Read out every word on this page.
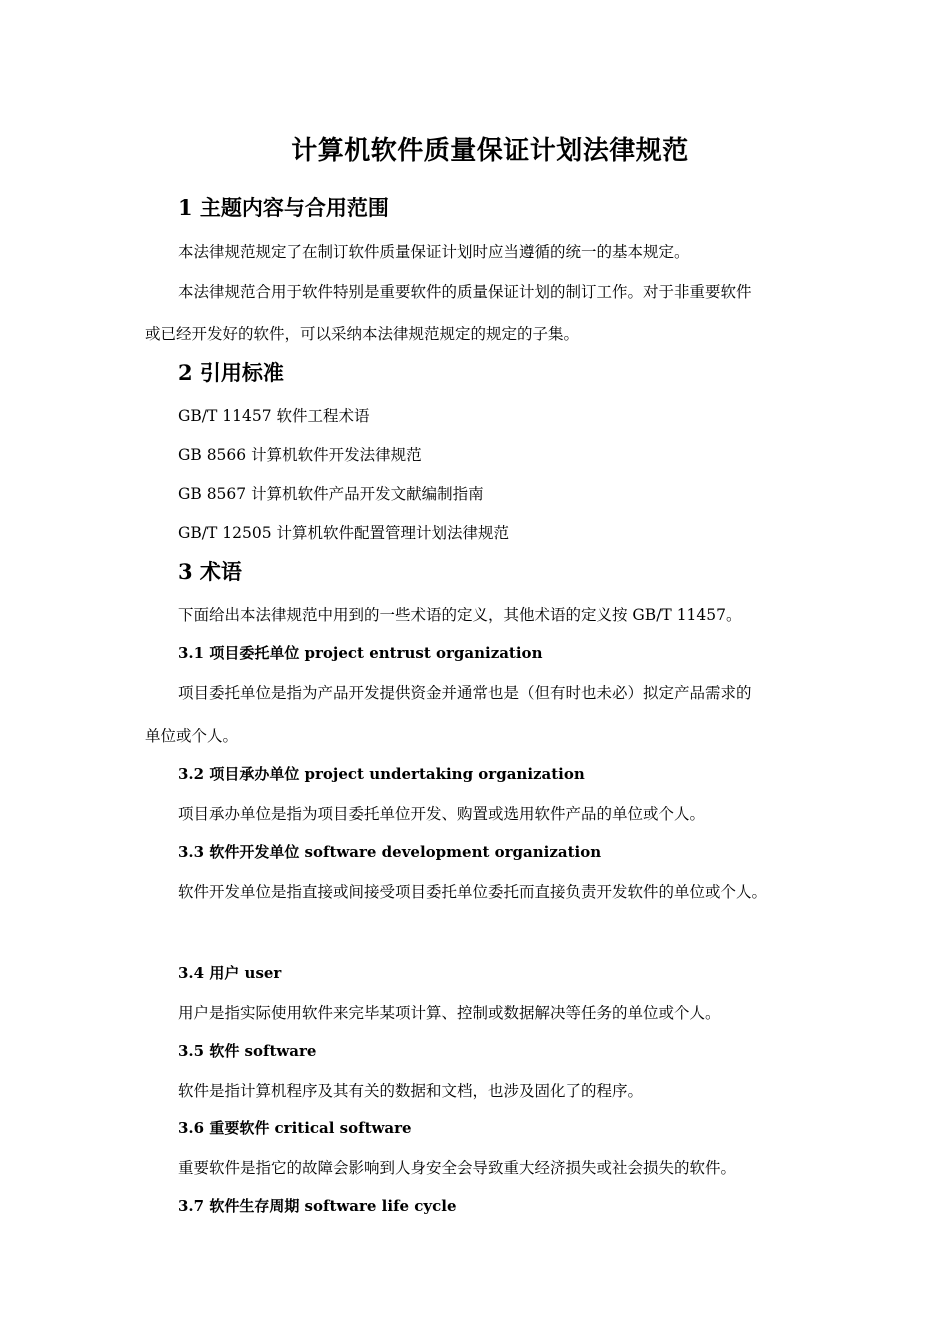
计算机软件质量保证计划法律规范
1 主题内容与合用范围
本法律规范规定了在制订软件质量保证计划时应当遵循的统一的基本规定。
本法律规范合用于软件特别是重要软件的质量保证计划的制订工作。对于非重要软件
或已经开发好的软件，可以采纳本法律规范规定的规定的子集。
2 引用标准
GB/T 11457 软件工程术语
GB 8566 计算机软件开发法律规范
GB 8567 计算机软件产品开发文献编制指南
GB/T 12505 计算机软件配置管理计划法律规范
3 术语
下面给出本法律规范中用到的一些术语的定义，其他术语的定义按 GB/T 11457。
3.1 项目委托单位 project entrust organization
项目委托单位是指为产品开发提供资金并通常也是（但有时也未必）拟定产品需求的
单位或个人。
3.2 项目承办单位 project undertaking organization
项目承办单位是指为项目委托单位开发、购置或选用软件产品的单位或个人。
3.3 软件开发单位 software development organization
软件开发单位是指直接或间接受项目委托单位委托而直接负责开发软件的单位或个人。
3.4 用户 user
用户是指实际使用软件来完毕某项计算、控制或数据解决等任务的单位或个人。
3.5 软件 software
软件是指计算机程序及其有关的数据和文档，也涉及固化了的程序。
3.6 重要软件 critical software
重要软件是指它的故障会影响到人身安全会导致重大经济损失或社会损失的软件。
3.7 软件生存周期 software life cycle
